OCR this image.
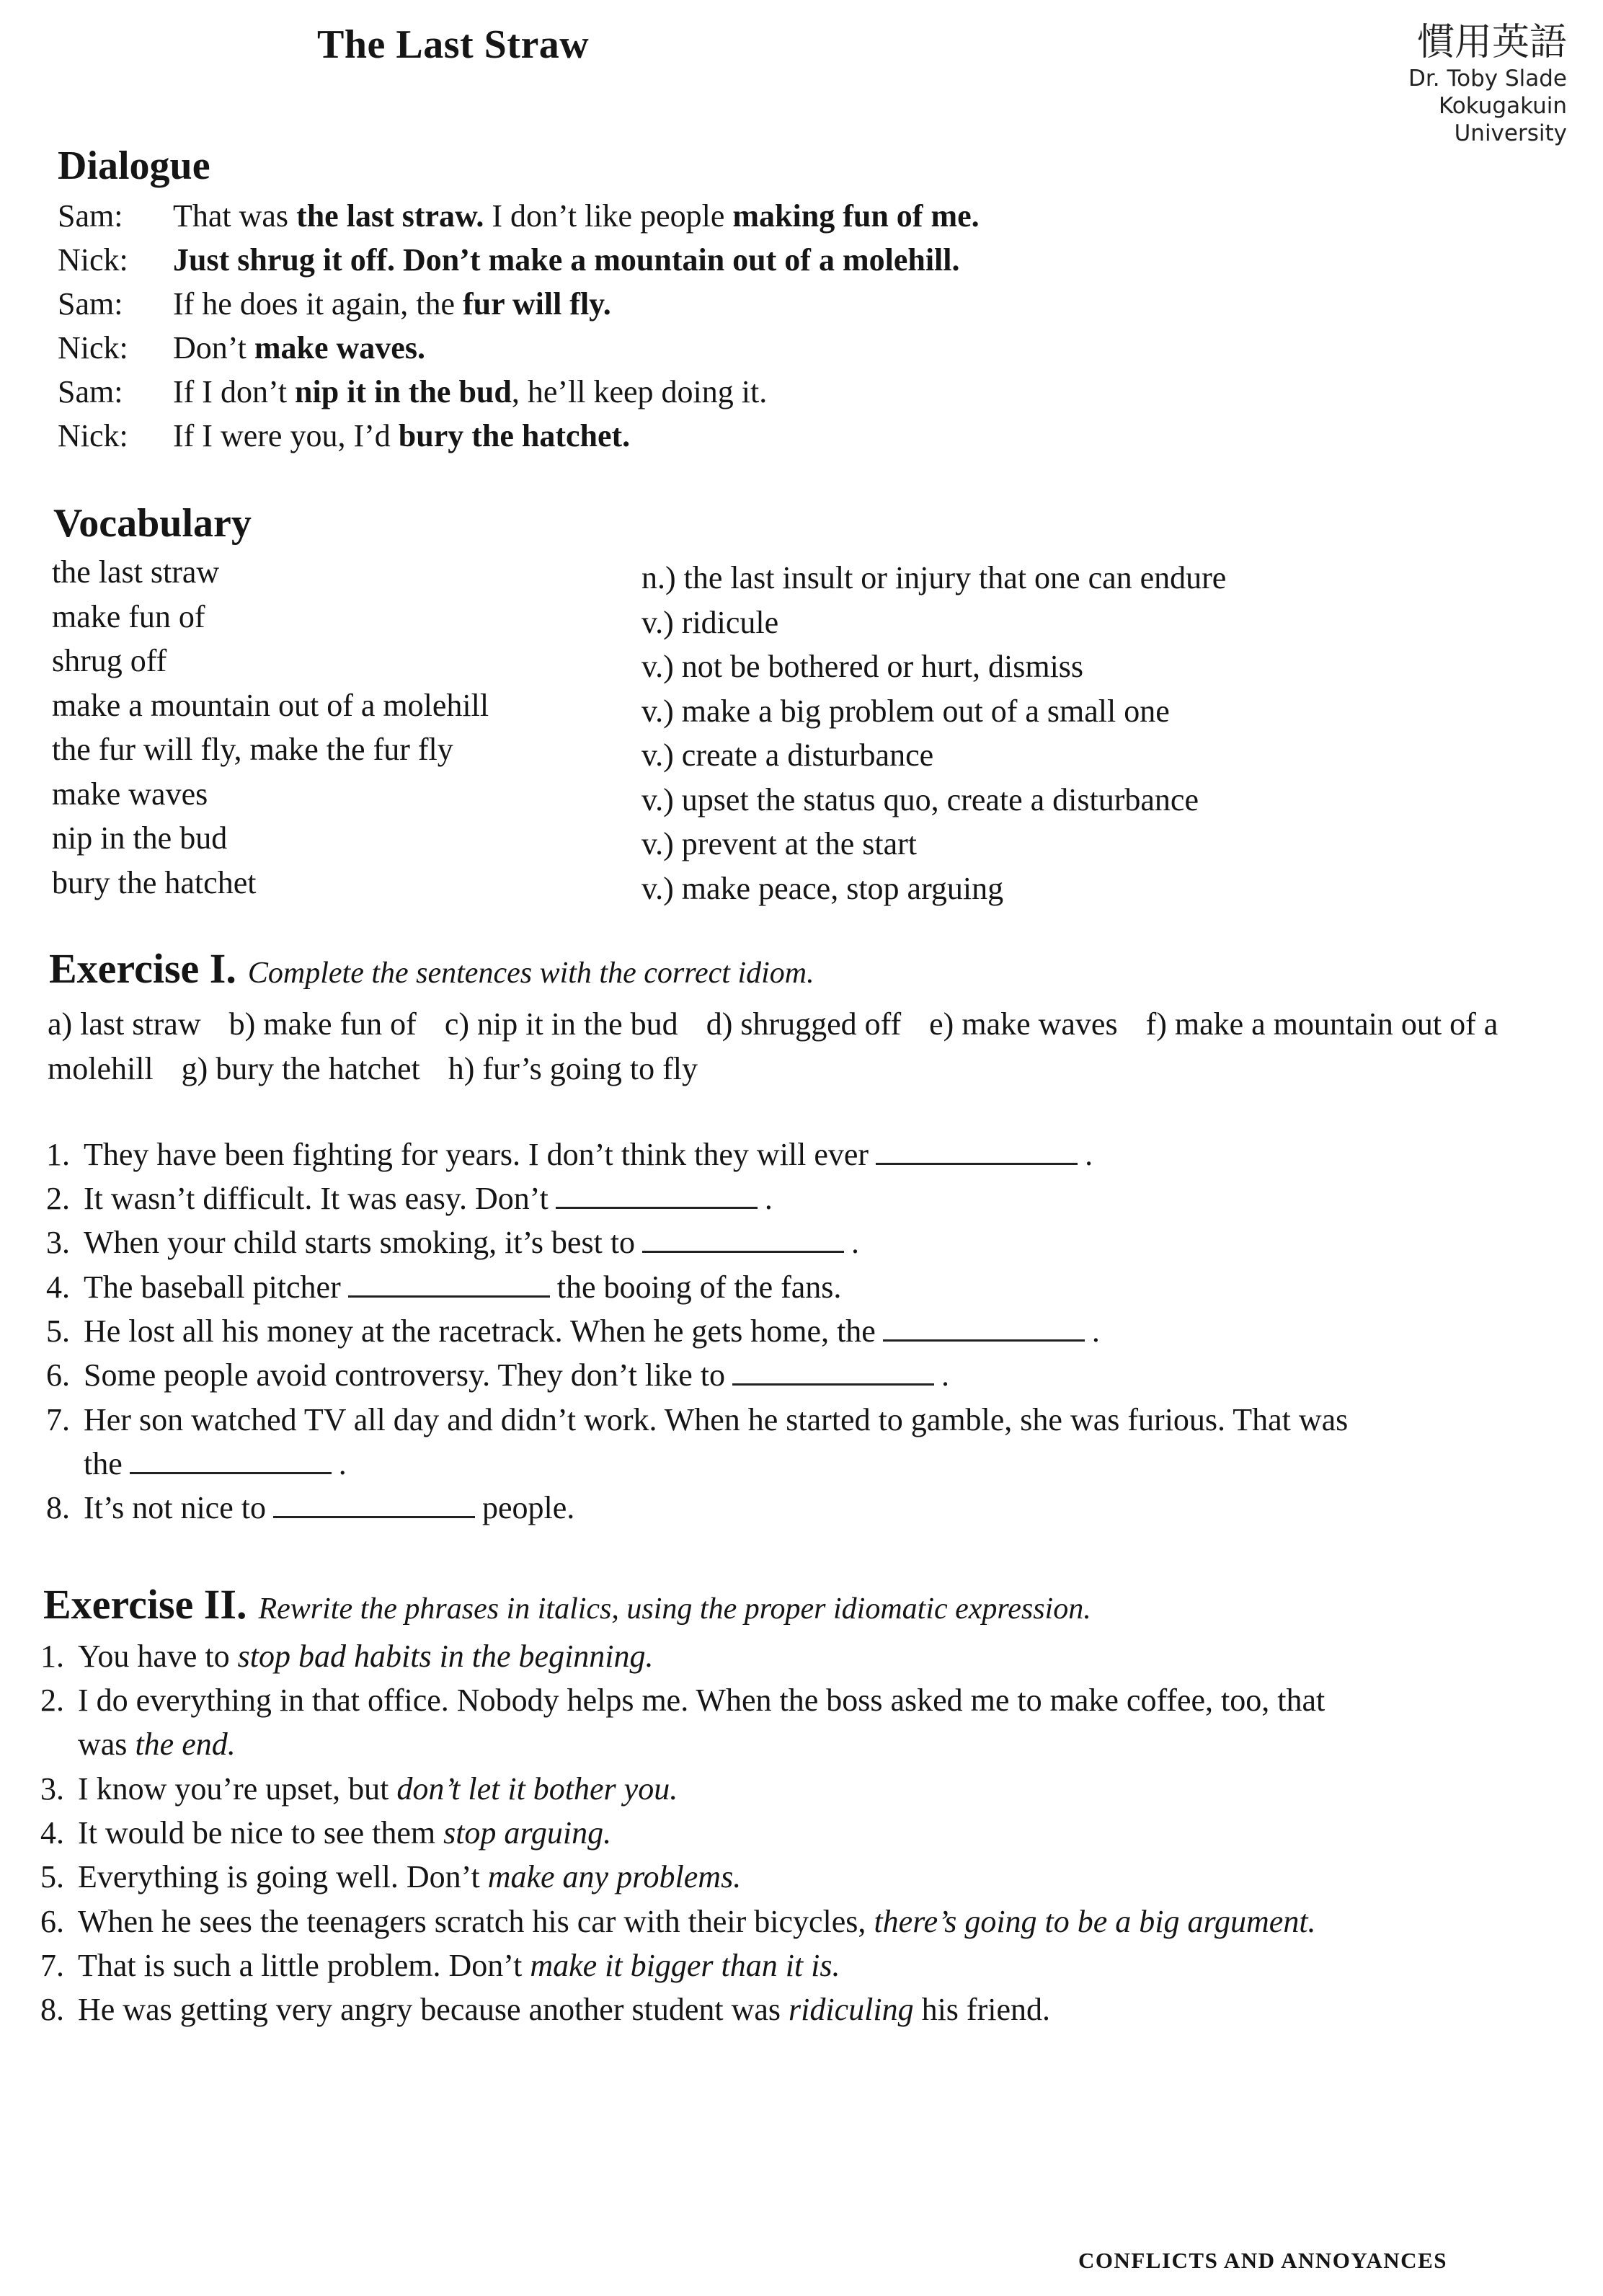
The Last Straw	慣用英語
Dr. Toby Slade
Kokugakuin
University
Dialogue
Sam: That was the last straw. I don’t like people making fun of me.
Nick: Just shrug it off. Don’t make a mountain out of a molehill.
Sam: If he does it again, the fur will fly.
Nick: Don’t make waves.
Sam: If I don’t nip it in the bud, he’ll keep doing it.
Nick: If I were you, I’d bury the hatchet.
Vocabulary
the last straw	n.) the last insult or injury that one can endure
make fun of	v.) ridicule
shrug off	v.) not be bothered or hurt, dismiss
make a mountain out of a molehill	v.) make a big problem out of a small one
the fur will fly, make the fur fly	v.) create a disturbance
make waves	v.) upset the status quo, create a disturbance
nip in the bud	v.) prevent at the start
bury the hatchet	v.) make peace, stop arguing
Exercise I. Complete the sentences with the correct idiom.
a) last straw b) make fun of c) nip it in the bud d) shrugged off e) make waves f) make a mountain out of a molehill g) bury the hatchet h) fur’s going to fly
1. They have been fighting for years. I don’t think they will ever	.
2. It wasn’t difficult. It was easy. Don’t	.
3. When your child starts smoking, it’s best to	.
4. The baseball pitcher	the booing of the fans.
5. He lost all his money at the racetrack. When he gets home, the	.
6. Some people avoid controversy. They don’t like to	.
7. Her son watched TV all day and didn’t work. When he started to gamble, she was furious. That was
the	.
8. It’s not nice to	people.
Exercise II. Rewrite the phrases in italics, using the proper idiomatic expression.
1. You have to stop bad habits in the beginning.
2. I do everything in that office. Nobody helps me. When the boss asked me to make coffee, too, that
was the end.
3. I know you’re upset, but don’t let it bother you.
4. It would be nice to see them stop arguing.
5. Everything is going well. Don’t make any problems.
6. When he sees the teenagers scratch his car with their bicycles, there’s going to be a big argument.
7. That is such a little problem. Don’t make it bigger than it is.
8. He was getting very angry because another student was ridiculing his friend.
CONFLICTS AND ANNOYANCES
